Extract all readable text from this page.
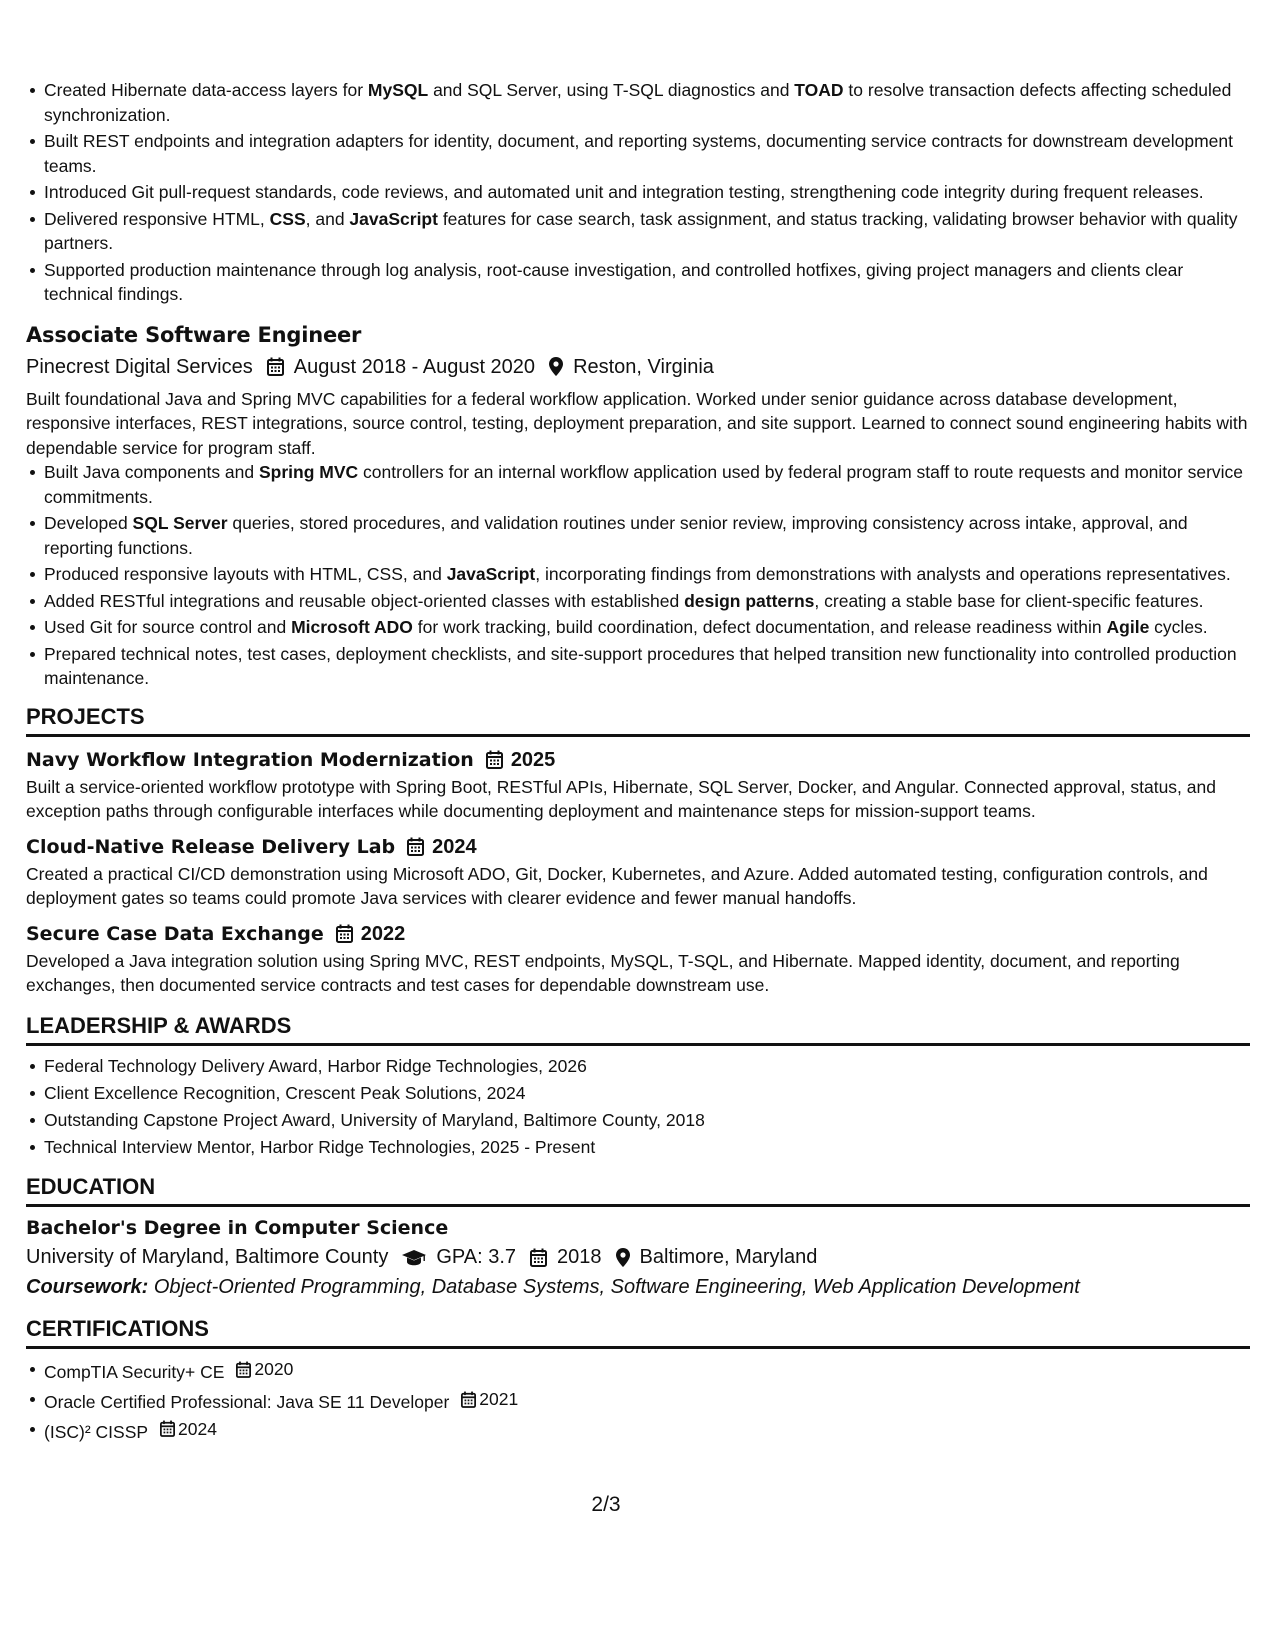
Created Hibernate data-access layers for MySQL and SQL Server, using T-SQL diagnostics and TOAD to resolve transaction defects affecting scheduled synchronization.
Built REST endpoints and integration adapters for identity, document, and reporting systems, documenting service contracts for downstream development teams.
Introduced Git pull-request standards, code reviews, and automated unit and integration testing, strengthening code integrity during frequent releases.
Delivered responsive HTML, CSS, and JavaScript features for case search, task assignment, and status tracking, validating browser behavior with quality partners.
Supported production maintenance through log analysis, root-cause investigation, and controlled hotfixes, giving project managers and clients clear technical findings.
Associate Software Engineer
Pinecrest Digital Services August 2018 - August 2020 Reston, Virginia

Built foundational Java and Spring MVC capabilities for a federal workflow application. Worked under senior guidance across database development, responsive interfaces, REST integrations, source control, testing, deployment preparation, and site support. Learned to connect sound engineering habits with dependable service for program staff.

Built Java components and Spring MVC controllers for an internal workflow application used by federal program staff to route requests and monitor service commitments.
Developed SQL Server queries, stored procedures, and validation routines under senior review, improving consistency across intake, approval, and reporting functions.
Produced responsive layouts with HTML, CSS, and JavaScript, incorporating findings from demonstrations with analysts and operations representatives.
Added RESTful integrations and reusable object-oriented classes with established design patterns, creating a stable base for client-specific features.
Used Git for source control and Microsoft ADO for work tracking, build coordination, defect documentation, and release readiness within Agile cycles.
Prepared technical notes, test cases, deployment checklists, and site-support procedures that helped transition new functionality into controlled production maintenance.
PROJECTS
Navy Workflow Integration Modernization 2025

Built a service-oriented workflow prototype with Spring Boot, RESTful APIs, Hibernate, SQL Server, Docker, and Angular. Connected approval, status, and exception paths through configurable interfaces while documenting deployment and maintenance steps for mission-support teams.

Cloud-Native Release Delivery Lab 2024

Created a practical CI/CD demonstration using Microsoft ADO, Git, Docker, Kubernetes, and Azure. Added automated testing, configuration controls, and deployment gates so teams could promote Java services with clearer evidence and fewer manual handoffs.

Secure Case Data Exchange 2022

Developed a Java integration solution using Spring MVC, REST endpoints, MySQL, T-SQL, and Hibernate. Mapped identity, document, and reporting exchanges, then documented service contracts and test cases for dependable downstream use.

LEADERSHIP & AWARDS
Federal Technology Delivery Award, Harbor Ridge Technologies, 2026
Client Excellence Recognition, Crescent Peak Solutions, 2024
Outstanding Capstone Project Award, University of Maryland, Baltimore County, 2018
Technical Interview Mentor, Harbor Ridge Technologies, 2025 - Present
EDUCATION
Bachelor's Degree in Computer Science
University of Maryland, Baltimore County GPA: 3.7 2018 Baltimore, Maryland
Coursework: Object-Oriented Programming, Database Systems, Software Engineering, Web Application Development
CERTIFICATIONS
CompTIA Security+ CE 2020
Oracle Certified Professional: Java SE 11 Developer 2021
(ISC)² CISSP 2024
2/3
